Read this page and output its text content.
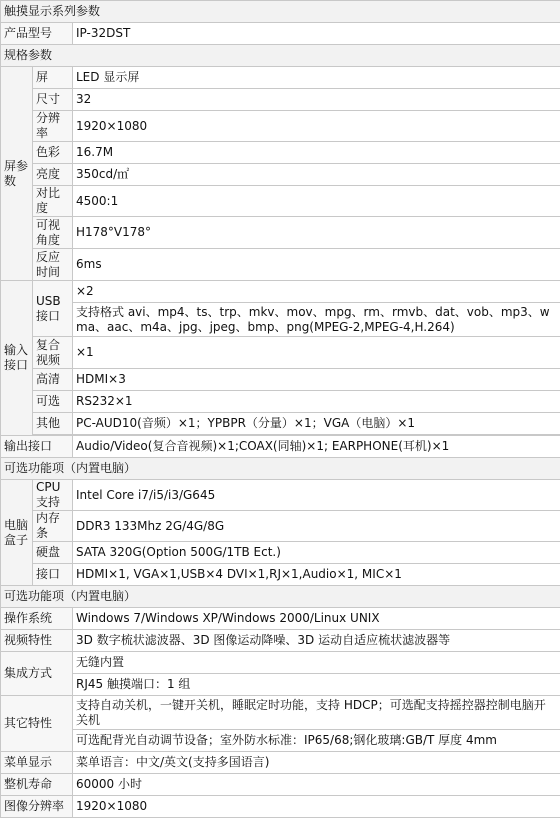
触摸显示系列参数		
产品型号		IP-32DST
规格参数		
屏参数	屏	LED 显示屏
	尺寸	32
	分辨率	1920×1080
	色彩	16.7M
	亮度	350cd/㎡
	对比度	4500:1
	可视角度	H178°V178°
	反应时间	6ms
输入接口	USB 接口	×2
		支持格式 avi、mp4、ts、trp、mkv、mov、mpg、rm、rmvb、dat、vob、mp3、wma、aac、m4a、jpg、jpeg、bmp、png(MPEG-2,MPEG-4,H.264)
	复合视频	×1
	高清	HDMI×3
	可选	RS232×1
	其他	PC-AUD10(音频）×1；YPBPR（分量）×1；VGA（电脑）×1

输出接口		Audio/Video(复合音视频)×1;COAX(同轴)×1; EARPHONE(耳机)×1
可选功能项（内置电脑）		
电脑盒子	CPU 支持	Intel Core i7/i5/i3/G645
	内存条	DDR3 133Mhz 2G/4G/8G
	硬盘	SATA 320G(Option 500G/1TB Ect.)
	接口	HDMI×1, VGA×1,USB×4 DVI×1,RJ×1,Audio×1, MIC×1
可选功能项（内置电脑）		
操作系统		Windows 7/Windows XP/Windows 2000/Linux UNIX
视频特性		3D 数字梳状滤波器、3D 图像运动降噪、3D 运动自适应梳状滤波器等
集成方式		无缝内置
		RJ45 触摸端口：1 组
其它特性		支持自动关机，一键开关机，睡眠定时功能，支持 HDCP；可选配支持摇控器控制电脑开关机
		可选配背光自动调节设备；室外防水标准：IP65/68;钢化玻璃:GB/T 厚度 4mm
菜单显示		菜单语言：中文/英文(支持多国语言)
整机寿命		60000 小时
图像分辨率		1920×1080
